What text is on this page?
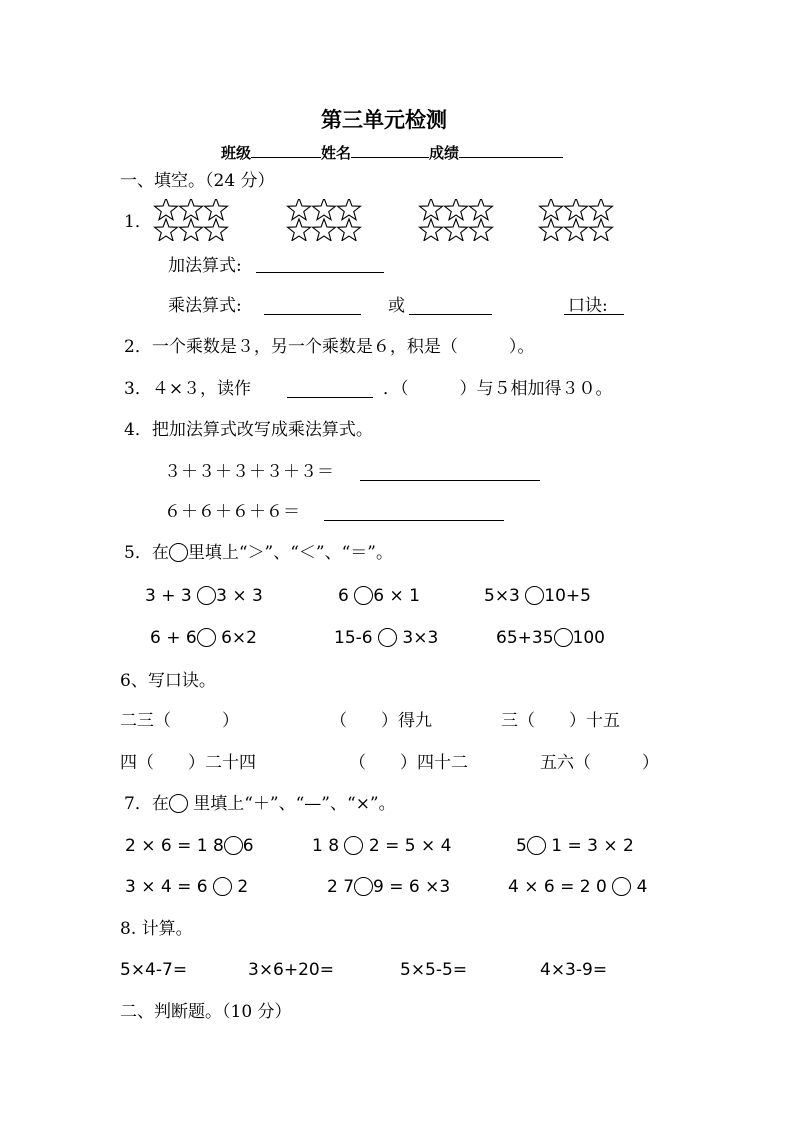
第三单元检测
班级	姓名	成绩
一、填空。（24 分）
1．
加法算式:
乘法算式:	或	口诀:
2．一个乘数是３，另一个乘数是６，积是（　　　）。
3．４×３，读作	．（　　　）与５相加得３０。
4．把加法算式改写成乘法算式。
３＋３＋３＋３＋３＝
６＋６＋６＋６＝
5．在 里填上“＞”、“＜”、“＝”。
3 + 3 3 × 3	6 6 × 1	5×3 10+5
6 + 6 6×2	15-6 3×3	65+35 100
6、写口诀。
二三（　　　）	（　　）得九	三（　　）十五
四（　　）二十四	（　　）四十二	五六（　　　）
7．在 里填上“＋”、“—”、“×”。
2 × 6 = 1 8 6	1 8 2 = 5 × 4	5 1 = 3 × 2
3 × 4 = 6 2	2 7 9 = 6 ×3	4 × 6 = 2 0 4
8. 计算。
5×4-7=	3×6+20=	5×5-5=	4×3-9=
二、判断题。（10 分）
